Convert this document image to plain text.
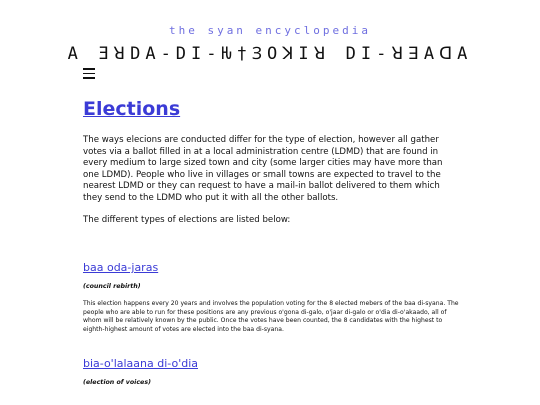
the syan encyclopedia
A ƎꓤDA-DI-Ƕ†ꞫOꓘIꓤ DI-ꓤꓱAꓷA
Elections

The ways elecions are conducted differ for the type of election, however all gather votes via a ballot filled in at a local administration centre (LDMD) that are found in every medium to large sized town and city (some larger cities may have more than one LDMD). People who live in villages or small towns are expected to travel to the nearest LDMD or they can request to have a mail-in ballot delivered to them which they send to the LDMD who put it with all the other ballots.

The different types of elections are listed below:

baa oda-jaras
(council rebirth)

This election happens every 20 years and involves the population voting for the 8 elected mebers of the baa di-syana. The people who are able to run for these positions are any previous o'gona di-galo, o'jaar di-galo or o'dia di-o'akaado, all of whom will be relatively known by the public. Once the votes have been counted, the 8 candidates with the highest to eighth-highest amount of votes are elected into the baa di-syana.

bia-o'lalaana di-o'dia
(election of voices)
